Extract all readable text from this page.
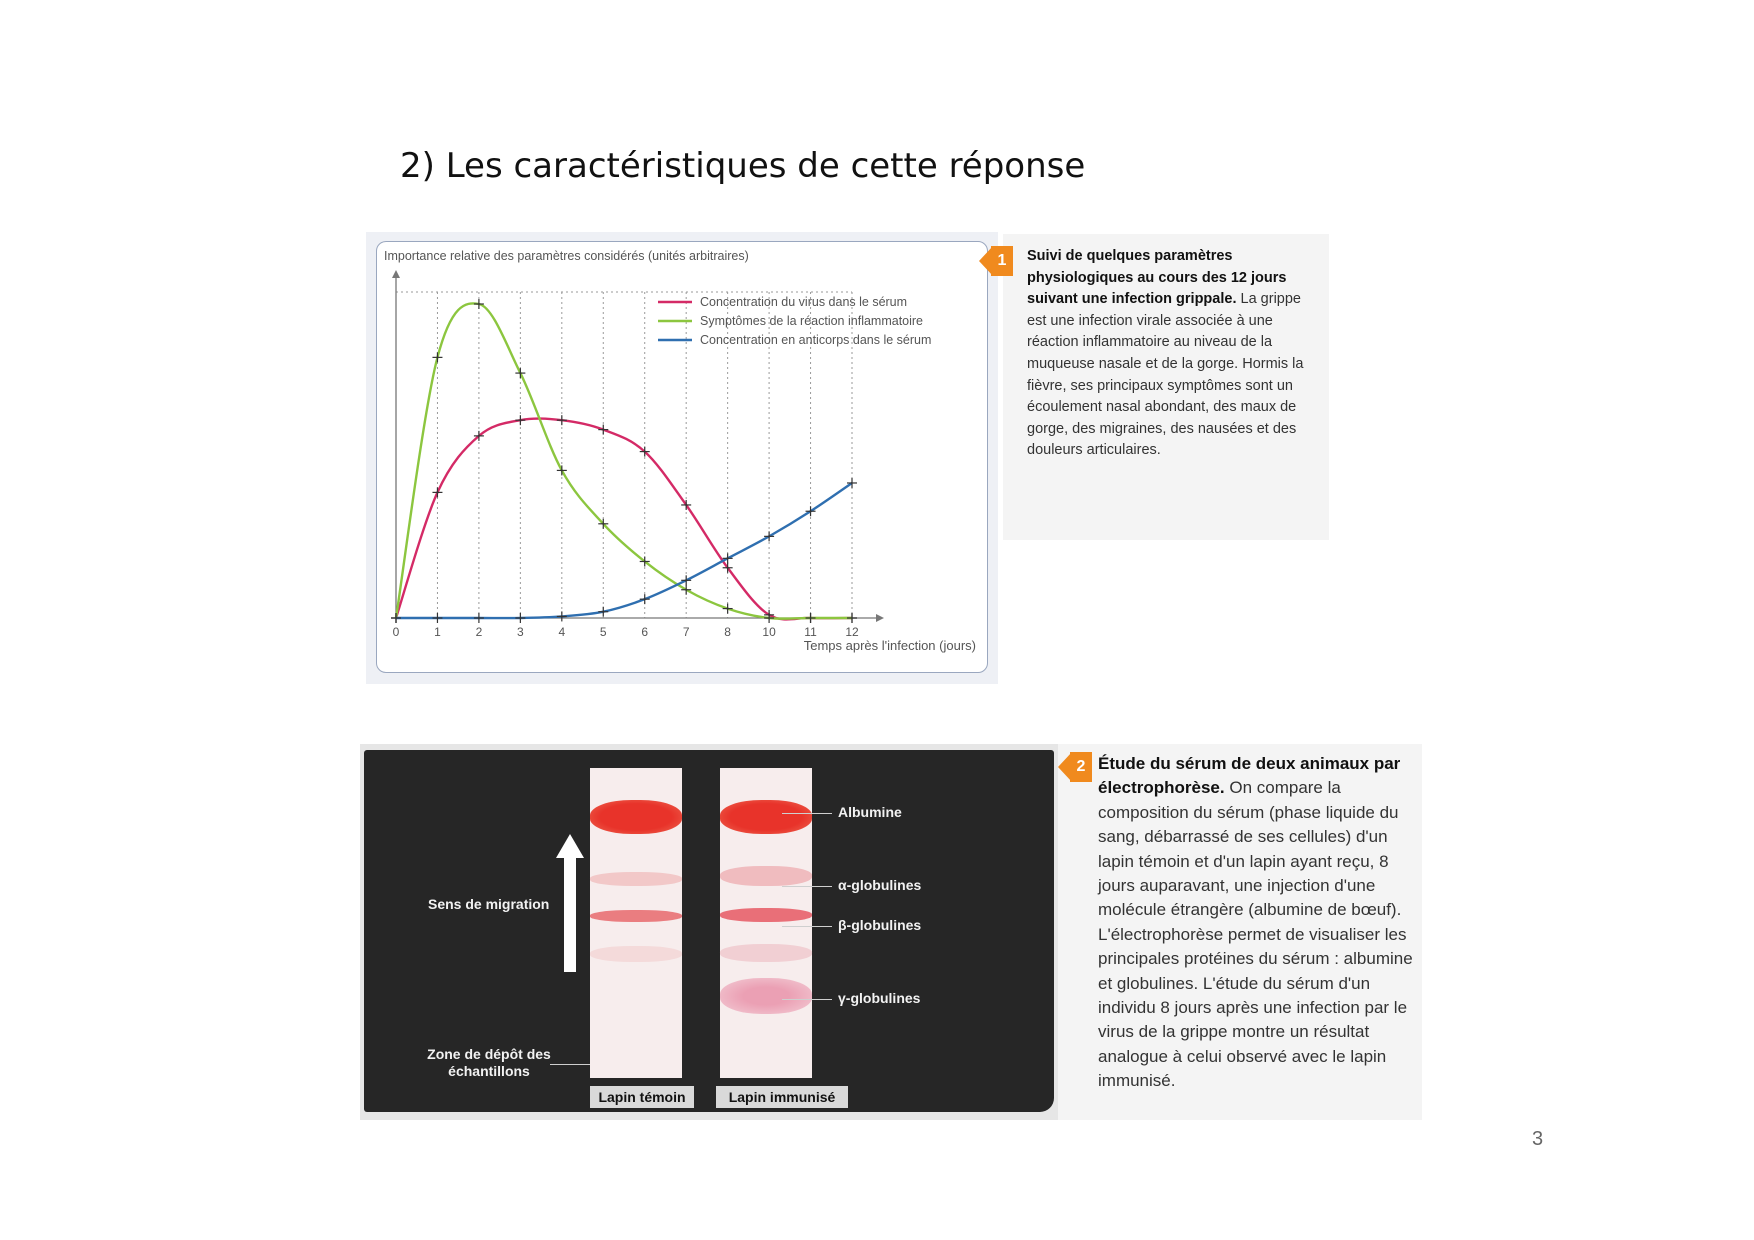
2) Les caractéristiques de cette réponse
0	1	2	3	4	5	6	7	8	10 11 12
Importance relative des paramètres considérés (unités arbitraires)
Temps après l'infection (jours)
Concentration du virus dans le sérum
Symptômes de la réaction inflammatoire
Concentration en anticorps dans le sérum
1	Suivi de quelques paramètres physiologiques au cours des 12 jours suivant une infection grippale. La grippe est une infection virale associée à une réaction inflammatoire au niveau de la muqueuse nasale et de la gorge. Hormis la fièvre, ses principaux symptômes sont un écoulement nasal abondant, des maux de gorge, des migraines, des nausées et des douleurs articulaires.
Sens de migration
Zone de dépôt des échantillons
Albumine
α-globulines
β-globulines
γ-globulines
Lapin témoin	Lapin immunisé
2 Étude du sérum de deux animaux par électrophorèse. On compare la composition du sérum (phase liquide du sang, débarrassé de ses cellules) d'un lapin témoin et d'un lapin ayant reçu, 8 jours auparavant, une injection d'une molécule étrangère (albumine de bœuf). L'électrophorèse permet de visualiser les principales protéines du sérum : albumine et globulines. L'étude du sérum d'un individu 8 jours après une infection par le virus de la grippe montre un résultat analogue à celui observé avec le lapin immunisé.
3
